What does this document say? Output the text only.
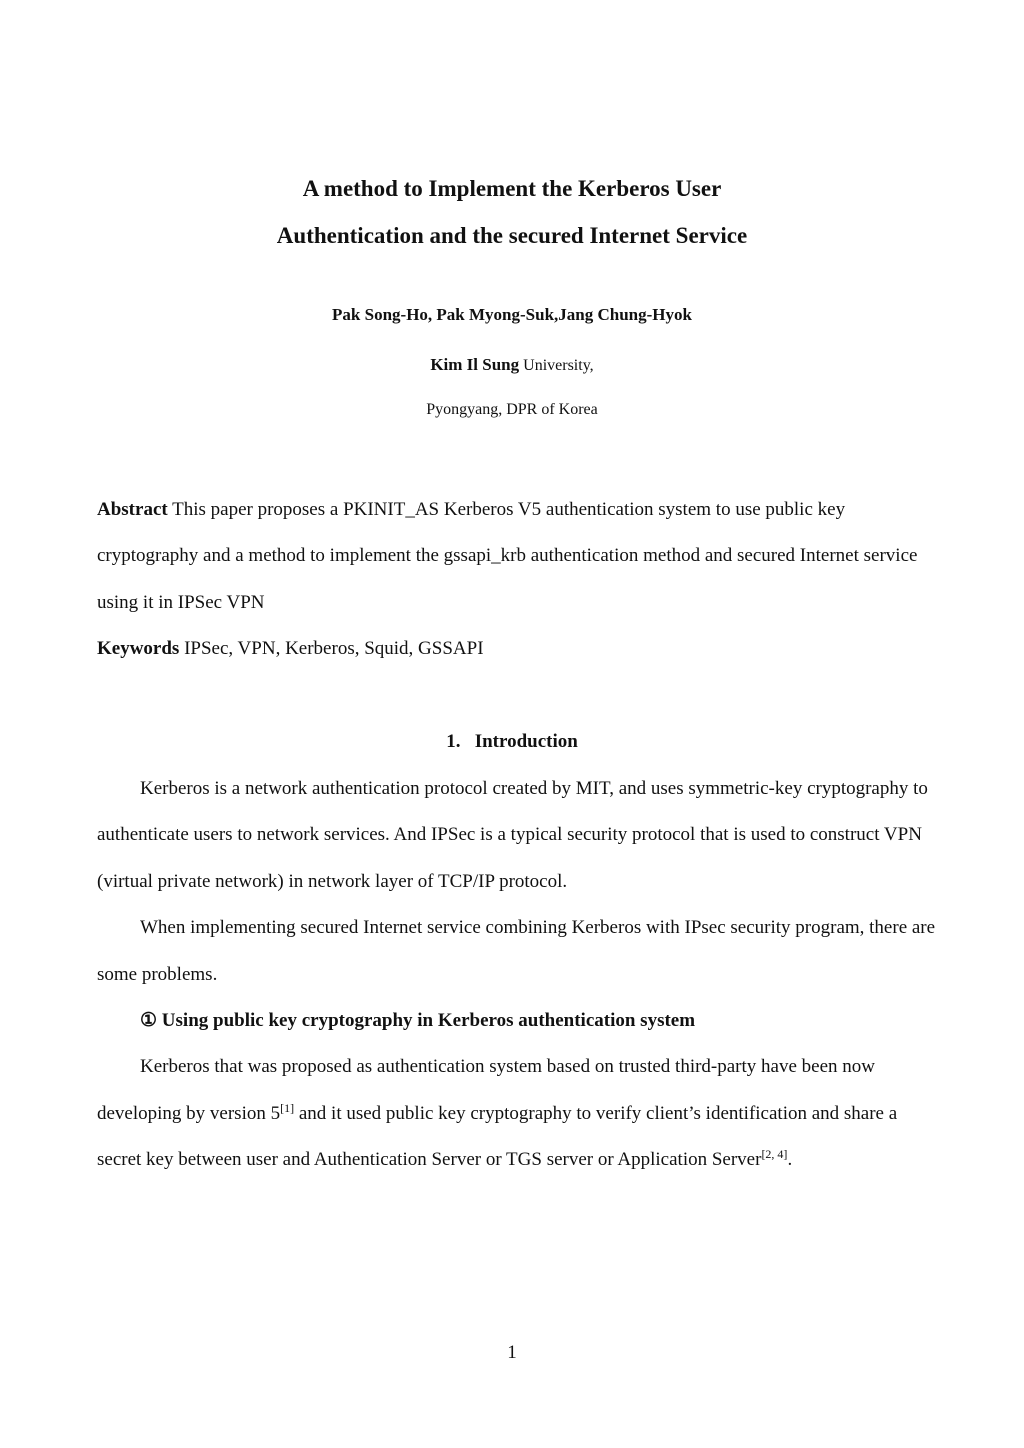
A method to Implement the Kerberos User
Authentication and the secured Internet Service
Pak Song-Ho, Pak Myong-Suk,Jang Chung-Hyok
Kim Il Sung University,
Pyongyang, DPR of Korea

Abstract This paper proposes a PKINIT_AS Kerberos V5 authentication system to use public key cryptography and a method to implement the gssapi_krb authentication method and secured Internet service using it in IPSec VPN

Keywords IPSec, VPN, Kerberos, Squid, GSSAPI

1.   Introduction

Kerberos is a network authentication protocol created by MIT, and uses symmetric-key cryptography to authenticate users to network services. And IPSec is a typical security protocol that is used to construct VPN (virtual private network) in network layer of TCP/IP protocol.

When implementing secured Internet service combining Kerberos with IPsec security program, there are some problems.

① Using public key cryptography in Kerberos authentication system

Kerberos that was proposed as authentication system based on trusted third-party have been now developing by version 5[1] and it used public key cryptography to verify client’s identification and share a secret key between user and Authentication Server or TGS server or Application Server[2, 4].

1
